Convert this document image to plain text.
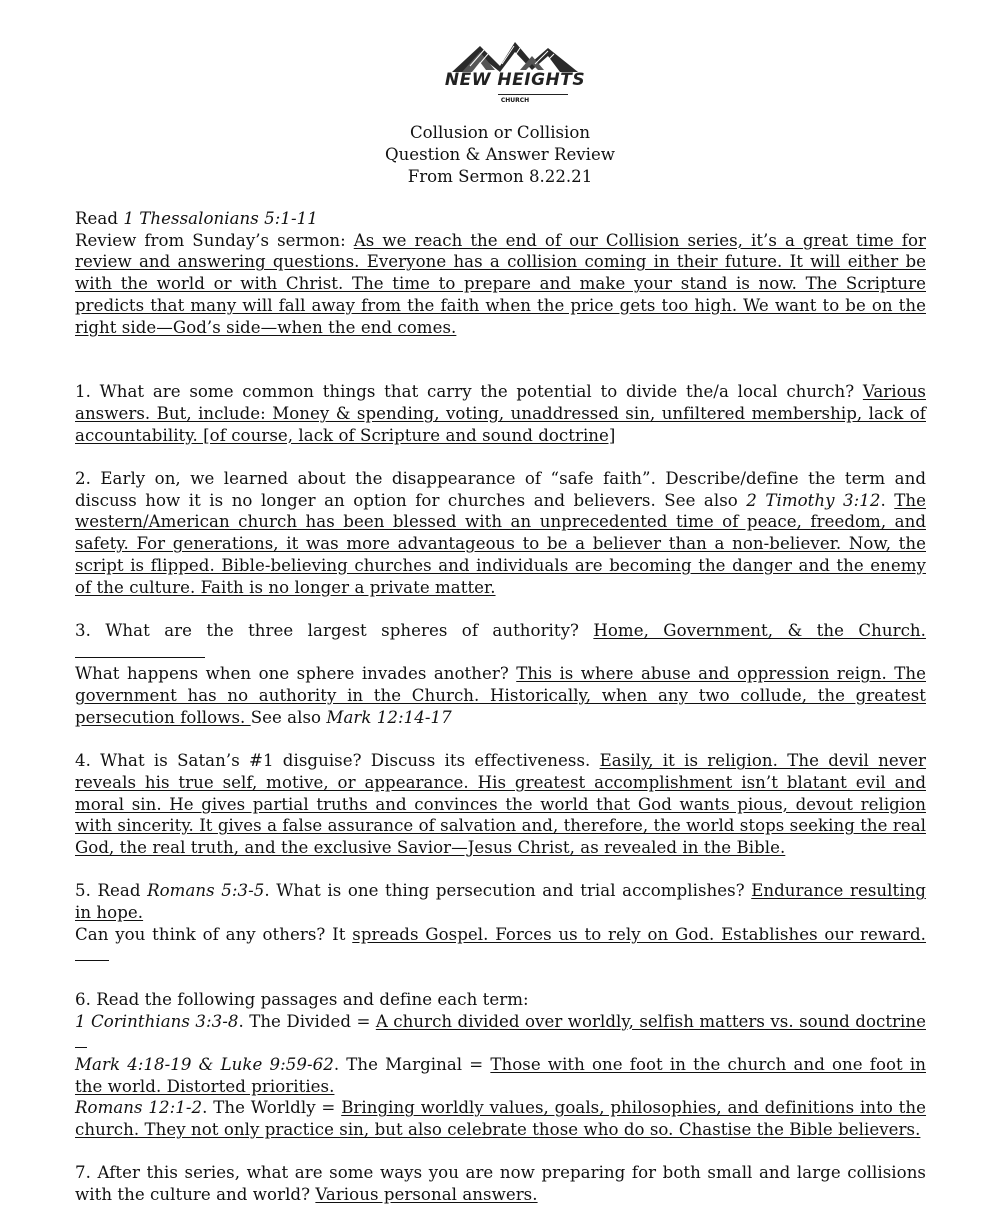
NEW HEIGHTS
CHURCH
Collusion or Collision
Question & Answer Review
From Sermon 8.22.21

Read 1 Thessalonians 5:1-11

Review from Sunday’s sermon: As we reach the end of our Collision series, it’s a great time for review and answering questions. Everyone has a collision coming in their future. It will either be with the world or with Christ. The time to prepare and make your stand is now. The Scripture predicts that many will fall away from the faith when the price gets too high. We want to be on the right side—God’s side—when the end comes.

1. What are some common things that carry the potential to divide the/a local church? Various answers. But, include: Money & spending, voting, unaddressed sin, unfiltered membership, lack of accountability. [of course, lack of Scripture and sound doctrine]

2. Early on, we learned about the disappearance of “safe faith”. Describe/define the term and discuss how it is no longer an option for churches and believers. See also 2 Timothy 3:12. The western/American church has been blessed with an unprecedented time of peace, freedom, and safety. For generations, it was more advantageous to be a believer than a non-believer. Now, the script is flipped. Bible-believing churches and individuals are becoming the danger and the enemy of the culture. Faith is no longer a private matter.

3. What are the three largest spheres of authority? Home, Government, & the Church.

What happens when one sphere invades another? This is where abuse and oppression reign. The government has no authority in the Church. Historically, when any two collude, the greatest persecution follows. See also Mark 12:14-17

4. What is Satan’s #1 disguise? Discuss its effectiveness. Easily, it is religion. The devil never reveals his true self, motive, or appearance. His greatest accomplishment isn’t blatant evil and moral sin. He gives partial truths and convinces the world that God wants pious, devout religion with sincerity. It gives a false assurance of salvation and, therefore, the world stops seeking the real God, the real truth, and the exclusive Savior—Jesus Christ, as revealed in the Bible.

5. Read Romans 5:3-5. What is one thing persecution and trial accomplishes? Endurance resulting in hope.

Can you think of any others? It spreads Gospel. Forces us to rely on God. Establishes our reward.

6. Read the following passages and define each term:

1 Corinthians 3:3-8. The Divided = A church divided over worldly, selfish matters vs. sound doctrine

Mark 4:18-19 & Luke 9:59-62. The Marginal = Those with one foot in the church and one foot in the world. Distorted priorities.

Romans 12:1-2. The Worldly = Bringing worldly values, goals, philosophies, and definitions into the church. They not only practice sin, but also celebrate those who do so. Chastise the Bible believers.

7. After this series, what are some ways you are now preparing for both small and large collisions with the culture and world? Various personal answers.
